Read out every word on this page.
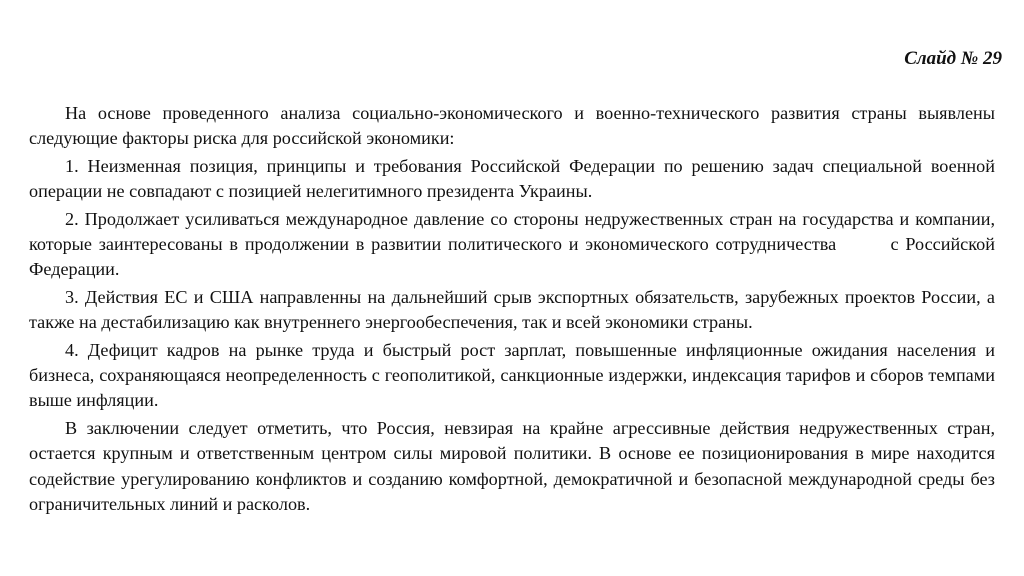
Слайд № 29

На основе проведенного анализа социально-экономического и военно-технического развития страны выявлены следующие факторы риска для российской экономики:

1. Неизменная позиция, принципы и требования Российской Федерации по решению задач специальной военной операции не совпадают с позицией нелегитимного президента Украины.

2. Продолжает усиливаться международное давление со стороны недружественных стран на государства и компании, которые заинтересованы в продолжении в развитии политического и экономического сотрудничества        с Российской Федерации.

3. Действия ЕС и США направленны на дальнейший срыв экспортных обязательств, зарубежных проектов России, а также на дестабилизацию как внутреннего энергообеспечения, так и всей экономики страны.

4. Дефицит кадров на рынке труда и быстрый рост зарплат, повышенные инфляционные ожидания населения и бизнеса, сохраняющаяся неопределенность с геополитикой, санкционные издержки, индексация тарифов и сборов темпами выше инфляции.

В заключении следует отметить, что Россия, невзирая на крайне агрессивные действия недружественных стран, остается крупным и ответственным центром силы мировой политики. В основе ее позиционирования в мире находится содействие урегулированию конфликтов и созданию комфортной, демократичной и безопасной международной среды без ограничительных линий и расколов.
